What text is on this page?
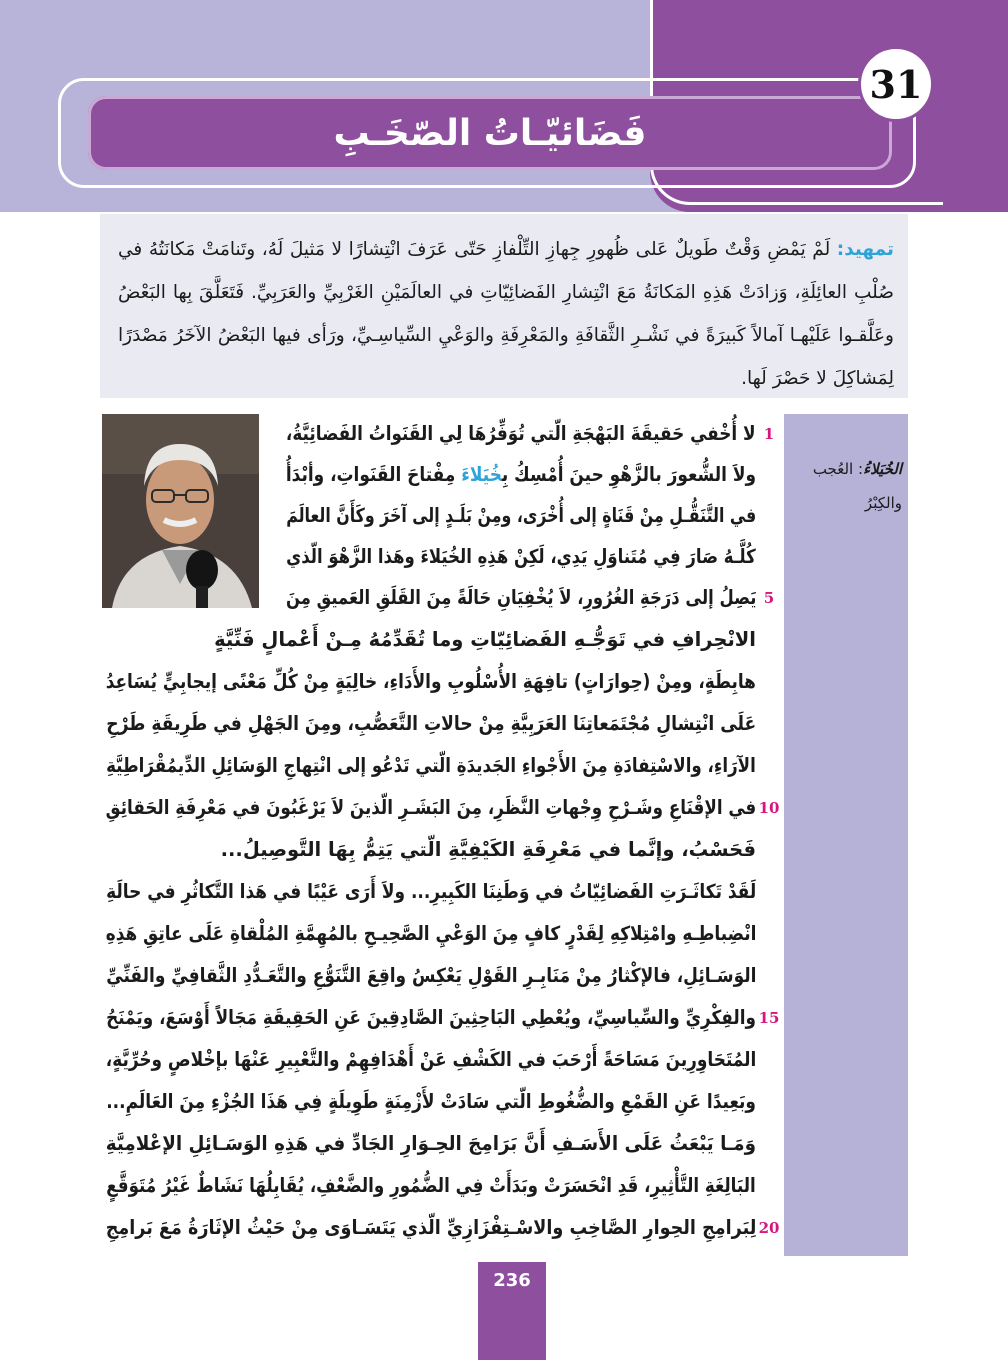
فَضَائيّـاتُ الصّخَـبِ
31
تمهيد: لَمْ يَمْضِ وَقْتٌ طَويلٌ عَلى ظُهورِ جِهازِ التِّلْفازِ حَتّى عَرَفَ انْتِشارًا لا مَثيلَ لَهُ، وتَنامَتْ مَكانَتُهُ في صُلْبِ العائِلَةِ، وَزادَتْ هَذِهِ المَكانَةُ مَعَ انْتِشارِ الفَضائِيّاتِ في العالَمَيْنِ الغَرْبِيِّ والعَرَبِيِّ. فَتَعَلَّقَ بِها البَعْضُ وعَلَّقـوا عَلَيْهـا آمالاً كَبيرَةً في نَشْـرِ الثَّقافَةِ والمَعْرِفَةِ والوَعْيِ السِّياسِـيِّ، ورَأى فيها البَعْضُ الآخَرُ مَصْدَرًا لِمَشاكِلَ لا حَصْرَ لَها.
الخُيَلاءُ: العُجب والكِبْرُ
1
لا أُخْفي حَقيقَةَ البَهْجَةِ الّتي تُوَفِّرُهَا لِي القَنَواتُ الفَضائِيَّةُ،
ولاَ الشُّعورَ بالزَّهْوِ حينَ أُمْسِكُ بِخُيَلاءَ مِفْتاحَ القَنَواتِ، وأبْدَأُ
في التَّنَقُّـلِ مِنْ قَنَاةٍ إلى أُخْرَى، ومِنْ بَلَـدٍ إلى آخَرَ وكَأَنَّ العالَمَ
كُلَّـهُ صَارَ فِي مُتَناوَلِ يَدِي، لَكِنْ هَذِهِ الخُيَلاءَ وهَذا الزَّهْوَ الّذي
5
يَصِلُ إلى دَرَجَةِ الغُرُورِ، لاَ يُخْفِيَانِ حَالَةً مِنَ القَلَقِ العَميقِ مِنَ
الانْحِرافِ في تَوَجُّـهِ الفَضائِيّاتِ وما تُقَدِّمُهُ مِـنْ أَعْمالٍ فَنِّيَّةٍ
هابِطَةٍ، ومِنْ (حِوارَاتٍ) تافِهَةِ الأُسْلُوبِ والأَدَاءِ، خالِيَةٍ مِنْ كُلِّ مَعْنًى إيجابِيٍّ يُسَاعِدُ
عَلَى انْتِشالِ مُجْتَمَعاتِنَا العَرَبِيَّةِ مِنْ حالاتِ التَّعَصُّبِ، ومِنَ الجَهْلِ في طَرِيقَةِ طَرْحِ
الآرَاءِ، والاسْتِفادَةِ مِنَ الأَجْواءِ الجَديدَةِ الّتي تَدْعُو إلى انْتِهاجِ الوَسَائِلِ الدِّيمُقْرَاطِيَّةِ
10
في الإقْنَاعِ وشَـرْحِ وِجْهاتِ النَّظَرِ، مِنَ البَشَـرِ الّذينَ لاَ يَرْغَبُونَ في مَعْرِفَةِ الحَقائِقِ
فَحَسْبُ، وإنَّما في مَعْرِفَةِ الكَيْفِيَّةِ الّتي يَتِمُّ بِهَا التَّوصِيلُ...
لَقَدْ تَكاثَـرَتِ الفَضائِيّاتُ في وَطَنِنَا الكَبِيرِ... ولاَ أَرَى عَيْبًا في هَذا التَّكاثُرِ في حالَةِ
انْضِباطِـهِ وامْتِلاكِهِ لِقَدْرٍ كافٍ مِنَ الوَعْيِ الصَّحِيـحِ بالمُهِمَّةِ المُلْقاةِ عَلَى عاتِقِ هَذِهِ
الوَسَـائِلِ، فالإكْثارُ مِنْ مَنَابِـرِ القَوْلِ يَعْكِسُ واقِعَ التَّنَوُّعِ والتَّعَـدُّدِ الثَّقافِيِّ والفَنِّيِّ
15
والفِكْرِيِّ والسِّياسِيِّ، ويُعْطِي البَاحِثِينَ الصَّادِقِينَ عَنِ الحَقِيقَةِ مَجَالاً أَوْسَعَ، ويَمْنَحُ
المُتَحَاوِرِينَ مَسَاحَةً أَرْحَبَ في الكَشْفِ عَنْ أَهْدَافِهِمْ والتَّعْبِيرِ عَنْهَا بإخْلاصٍ وحُرِّيَّةٍ،
وبَعِيدًا عَنِ القَمْعِ والضُّغُوطِ الّتي سَادَتْ لأَزْمِنَةٍ طَوِيلَةٍ فِي هَذَا الجُزْءِ مِنَ العَالَمِ...
وَمَـا يَبْعَثُ عَلَى الأَسَـفِ أَنَّ بَرَامِجَ الحِـوَارِ الجَادِّ في هَذِهِ الوَسَـائِلِ الإعْلامِيَّةِ
البَالِغَةِ التَّأْثِيرِ، قَدِ انْحَسَرَتْ وبَدَأَتْ فِي الضُّمُورِ والضَّعْفِ، يُقَابِلُهَا نَشَاطٌ غَيْرُ مُتَوَقَّعٍ
20
لِبَرامِجِ الحِوارِ الصَّاخِبِ والاسْـتِفْزَازِيِّ الّذي يَتَسَـاوَى مِنْ حَيْثُ الإثَارَةُ مَعَ بَرامِجِ
236
